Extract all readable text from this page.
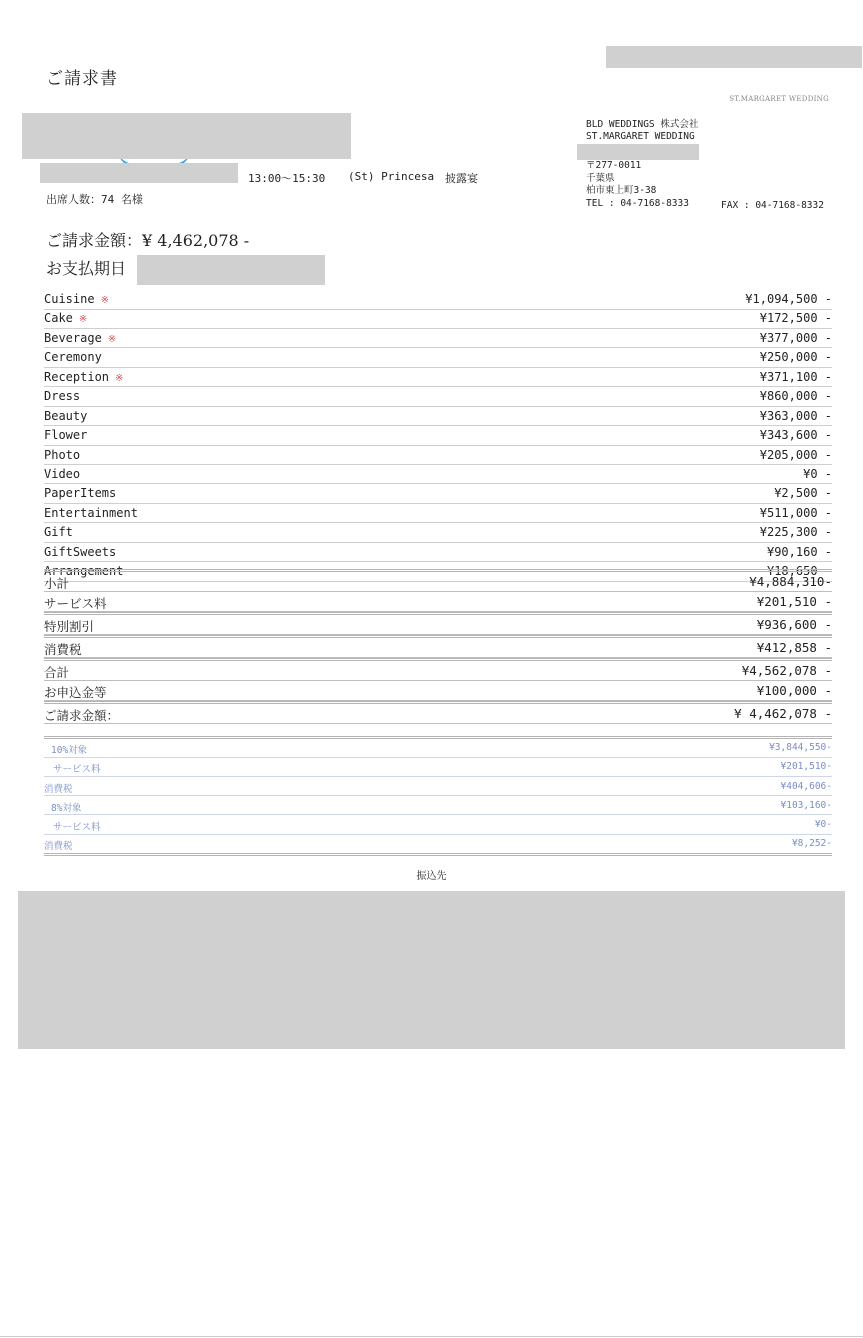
ご請求書
ST.MARGARET WEDDING
13:00〜15:30 (St) Princesa 披露宴
出席人数：74 名様
BLD WEDDINGS 株式会社
ST.MARGARET WEDDING
〒277-0011
千葉県
柏市東上町3-38
TEL : 04-7168-8333	FAX : 04-7168-8332
ご請求金額：¥ 4,462,078 -
お支払期日
Cuisine ※	¥1,094,500 -
Cake ※	¥172,500 -
Beverage ※	¥377,000 -
Ceremony	¥250,000 -
Reception ※	¥371,100 -
Dress	¥860,000 -
Beauty	¥363,000 -
Flower	¥343,600 -
Photo	¥205,000 -
Video	¥0 -
PaperItems	¥2,500 -
Entertainment	¥511,000 -
Gift	¥225,300 -
GiftSweets	¥90,160 -
Arrangement	¥18,650 -
小計	¥4,884,310-
サービス料	¥201,510 -
特別割引	¥936,600 -
消費税	¥412,858 -
合計	¥4,562,078 -
お申込金等	¥100,000 -
ご請求金額：	¥ 4,462,078 -
10%対象	¥3,844,550-
サービス料	¥201,510-
消費税	¥404,606-
8%対象	¥103,160-
サービス料	¥0-
消費税	¥8,252-
振込先
